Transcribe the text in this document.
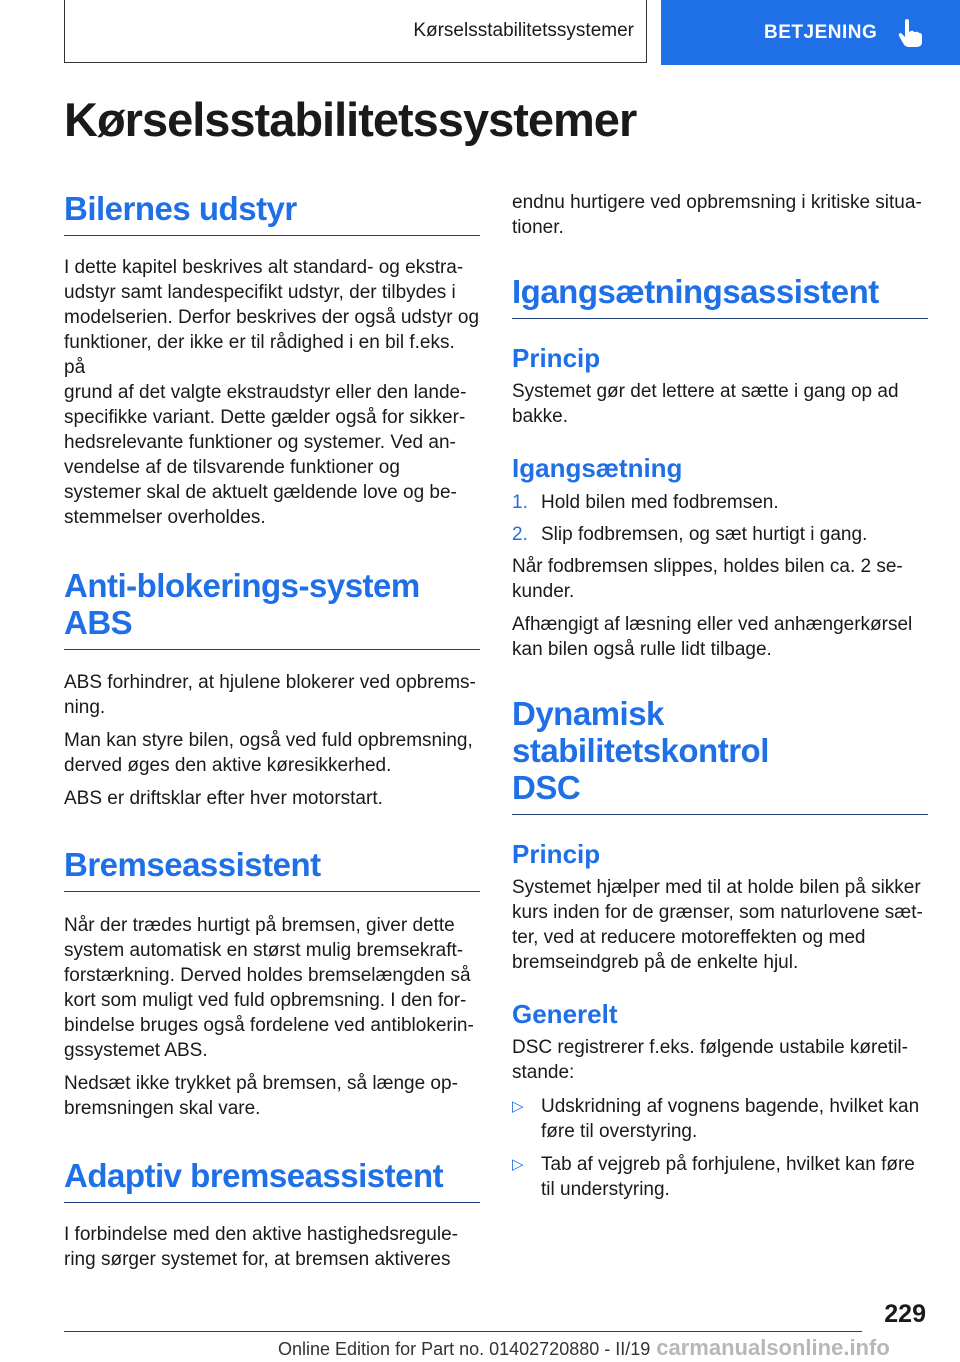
Kørselsstabilitetssystemer	BETJENING
Kørselsstabilitetssystemer
Bilernes udstyr

I dette kapitel beskrives alt standard- og ekstra-
udstyr samt landespecifikt udstyr, der tilbydes i
modelserien. Derfor beskrives der også udstyr og
funktioner, der ikke er til rådighed i en bil f.eks. på
grund af det valgte ekstraudstyr eller den lande-
specifikke variant. Dette gælder også for sikker-
hedsrelevante funktioner og systemer. Ved an-
vendelse af de tilsvarende funktioner og
systemer skal de aktuelt gældende love og be-
stemmelser overholdes.

Anti-blokerings-system
ABS

ABS forhindrer, at hjulene blokerer ved opbrems-
ning.

Man kan styre bilen, også ved fuld opbremsning,
derved øges den aktive køresikkerhed.

ABS er driftsklar efter hver motorstart.

Bremseassistent

Når der trædes hurtigt på bremsen, giver dette
system automatisk en størst mulig bremsekraft-
forstærkning. Derved holdes bremselængden så
kort som muligt ved fuld opbremsning. I den for-
bindelse bruges også fordelene ved antiblokerin-
gssystemet ABS.

Nedsæt ikke trykket på bremsen, så længe op-
bremsningen skal vare.

Adaptiv bremseassistent

I forbindelse med den aktive hastighedsregule-
ring sørger systemet for, at bremsen aktiveres

endnu hurtigere ved opbremsning i kritiske situa-
tioner.

Igangsætningsassistent
Princip

Systemet gør det lettere at sætte i gang op ad
bakke.

Igangsætning
1. Hold bilen med fodbremsen.
2. Slip fodbremsen, og sæt hurtigt i gang.

Når fodbremsen slippes, holdes bilen ca. 2 se-
kunder.

Afhængigt af læsning eller ved anhængerkørsel
kan bilen også rulle lidt tilbage.

Dynamisk stabilitetskontrol
DSC
Princip

Systemet hjælper med til at holde bilen på sikker
kurs inden for de grænser, som naturlovene sæt-
ter, ved at reducere motoreffekten og med
bremseindgreb på de enkelte hjul.

Generelt

DSC registrerer f.eks. følgende ustabile køretil-
stande:

▷ Udskridning af vognens bagende, hvilket kan
føre til overstyring.
▷ Tab af vejgreb på forhjulene, hvilket kan føre
til understyring.
229
Online Edition for Part no. 01402720880 - II/19 carmanualsonline.info
